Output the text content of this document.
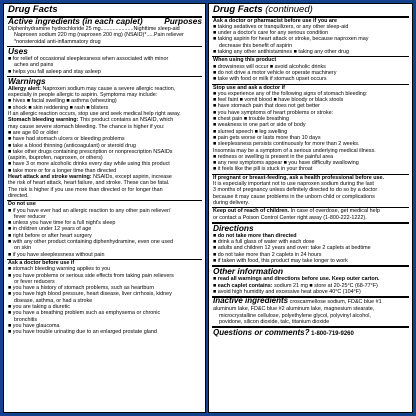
Drug Facts
Active ingredients (in each caplet)	Purposes
Diphenhydramine hydrochloride 25 mg......................Nighttime sleep-aid
Naproxen sodium 220 mg (naproxen 200 mg) (NSAID)*.....Pain reliever
*nonsteroidal anti-inflammatory drug
Uses
■ for relief of occasional sleeplessness when associated with minor
aches and pains
■ helps you fall asleep and stay asleep
Warnings
Allergy alert: Naproxen sodium may cause a severe allergic reaction,
especially in people allergic to aspirin. Symptoms may include:
■ hives ■ facial swelling ■ asthma (wheezing)
■ shock ■ skin reddening ■ rash ■ blisters
If an allergic reaction occurs, stop use and seek medical help right away.
Stomach bleeding warning: This product contains an NSAID, which
may cause severe stomach bleeding. The chance is higher if you:
■ are age 60 or older
■ have had stomach ulcers or bleeding problems
■ take a blood thinning (anticoagulant) or steroid drug
■ take other drugs containing prescription or nonprescription NSAIDs
(aspirin, ibuprofen, naproxen, or others)
■ have 3 or more alcoholic drinks every day while using this product
■ take more or for a longer time than directed
Heart attack and stroke warning: NSAIDs, except aspirin, increase
the risk of heart attack, heart failure, and stroke. These can be fatal.
The risk is higher if you use more than directed or for longer than
directed.
Do not use
■ if you have ever had an allergic reaction to any other pain reliever/
fever reducer
■ unless you have time for a full night's sleep
■ in children under 12 years of age
■ right before or after heart surgery
■ with any other product containing diphenhydramine, even one used
on skin
■ if you have sleeplessness without pain
Ask a doctor before use if
■ stomach bleeding warning applies to you
■ you have problems or serious side effects from taking pain relievers
or fever reducers
■ you have a history of stomach problems, such as heartburn
■ you have high blood pressure, heart disease, liver cirrhosis, kidney
disease, asthma, or had a stroke
■ you are taking a diuretic
■ you have a breathing problem such as emphysema or chronic
bronchitis
■ you have glaucoma
■ you have trouble urinating due to an enlarged prostate gland
Drug Facts (continued)
Ask a doctor or pharmacist before use if you are
■ taking sedatives or tranquilizers, or any other sleep-aid
■ under a doctor's care for any serious condition
■ taking aspirin for heart attack or stroke, because naproxen may
decrease this benefit of aspirin
■ taking any other antihistamines ■ taking any other drug
When using this product
■ drowsiness will occur ■ avoid alcoholic drinks
■ do not drive a motor vehicle or operate machinery
■ take with food or milk if stomach upset occurs
Stop use and ask a doctor if
■ you experience any of the following signs of stomach bleeding:
■ feel faint ■ vomit blood ■ have bloody or black stools
■ have stomach pain that does not get better
■ you have symptoms of heart problems or stroke:
■ chest pain ■ trouble breathing
■ weakness in one part or side of body
■ slurred speech ■ leg swelling
■ pain gets worse or lasts more than 10 days
■ sleeplessness persists continuously for more than 2 weeks.
Insomnia may be a symptom of a serious underlying medical illness.
■ redness or swelling is present in the painful area
■ any new symptoms appear ■ you have difficulty swallowing
■ it feels like the pill is stuck in your throat
If pregnant or breast-feeding, ask a health professional before use.
It is especially important not to use naproxen sodium during the last
3 months of pregnancy unless definitely directed to do so by a doctor
because it may cause problems in the unborn child or complications
during delivery.
Keep out of reach of children. In case of overdose, get medical help
or contact a Poison Control Center right away (1-800-222-1222).
Directions
■ do not take more than directed
■ drink a full glass of water with each dose
■ adults and children 12 years and over: take 2 caplets at bedtime
■ do not take more than 2 caplets in 24 hours
■ if taken with food, this product may take longer to work
Other information
■ read all warnings and directions before use. Keep outer carton.
■ each caplet contains: sodium 21 mg ■ store at 20-25°C (68-77°F)
■ avoid high humidity and excessive heat above 40°C (104°F)
Inactive ingredients croscarmellose sodium, FD&C blue #1
aluminum lake, FD&C blue #2 aluminum lake, magnesium stearate,
microcrystalline cellulose, polyethylene glycol, polyvinyl alcohol,
povidone, silicon dioxide, talc, titanium dioxide
Questions or comments? 1-800-719-9260
